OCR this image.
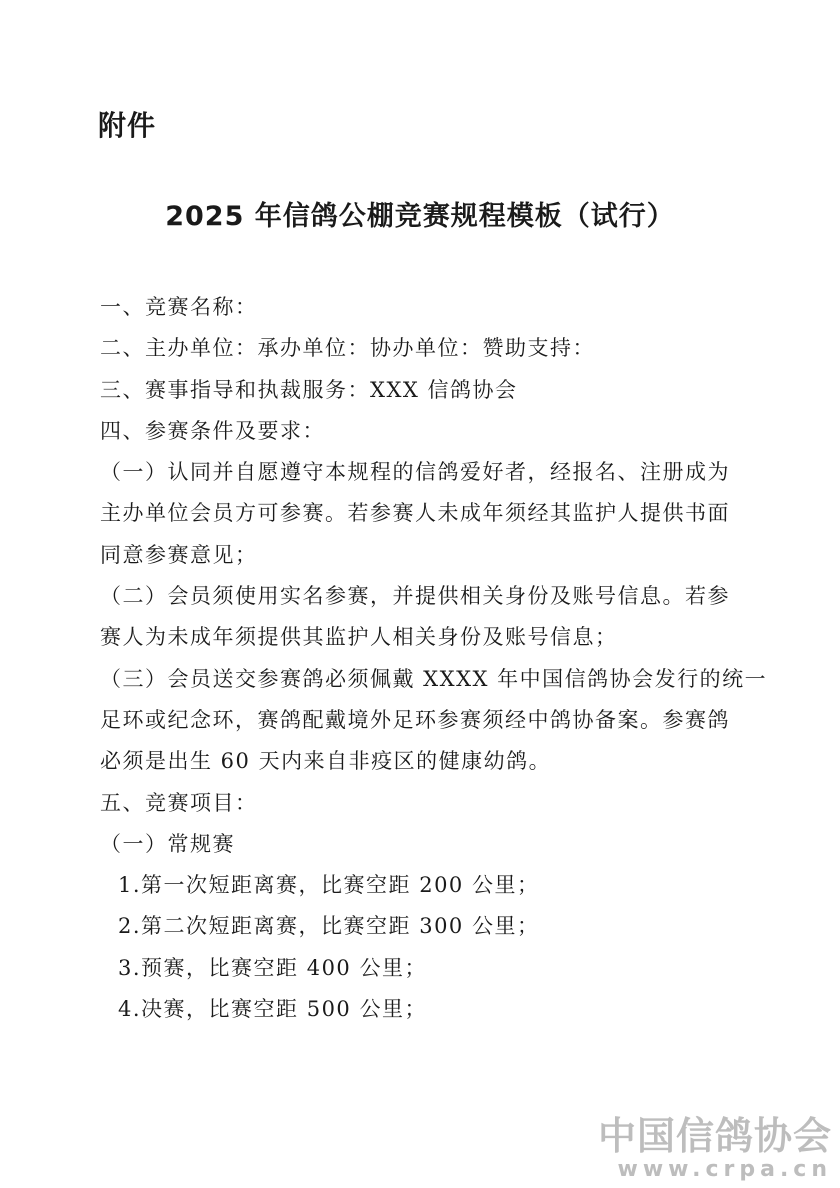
附件
2025 年信鸽公棚竞赛规程模板（试行）
一、竞赛名称：
二、主办单位：承办单位：协办单位：赞助支持：
三、赛事指导和执裁服务：XXX 信鸽协会
四、参赛条件及要求：
（一）认同并自愿遵守本规程的信鸽爱好者，经报名、注册成为
主办单位会员方可参赛。若参赛人未成年须经其监护人提供书面
同意参赛意见；
（二）会员须使用实名参赛，并提供相关身份及账号信息。若参
赛人为未成年须提供其监护人相关身份及账号信息；
（三）会员送交参赛鸽必须佩戴 XXXX 年中国信鸽协会发行的统一
足环或纪念环，赛鸽配戴境外足环参赛须经中鸽协备案。参赛鸽
必须是出生 60 天内来自非疫区的健康幼鸽。
五、竞赛项目：
（一）常规赛
1.第一次短距离赛，比赛空距 200 公里；
2.第二次短距离赛，比赛空距 300 公里；
3.预赛，比赛空距 400 公里；
4.决赛，比赛空距 500 公里；
中国信鸽协会
www.crpa.cn
